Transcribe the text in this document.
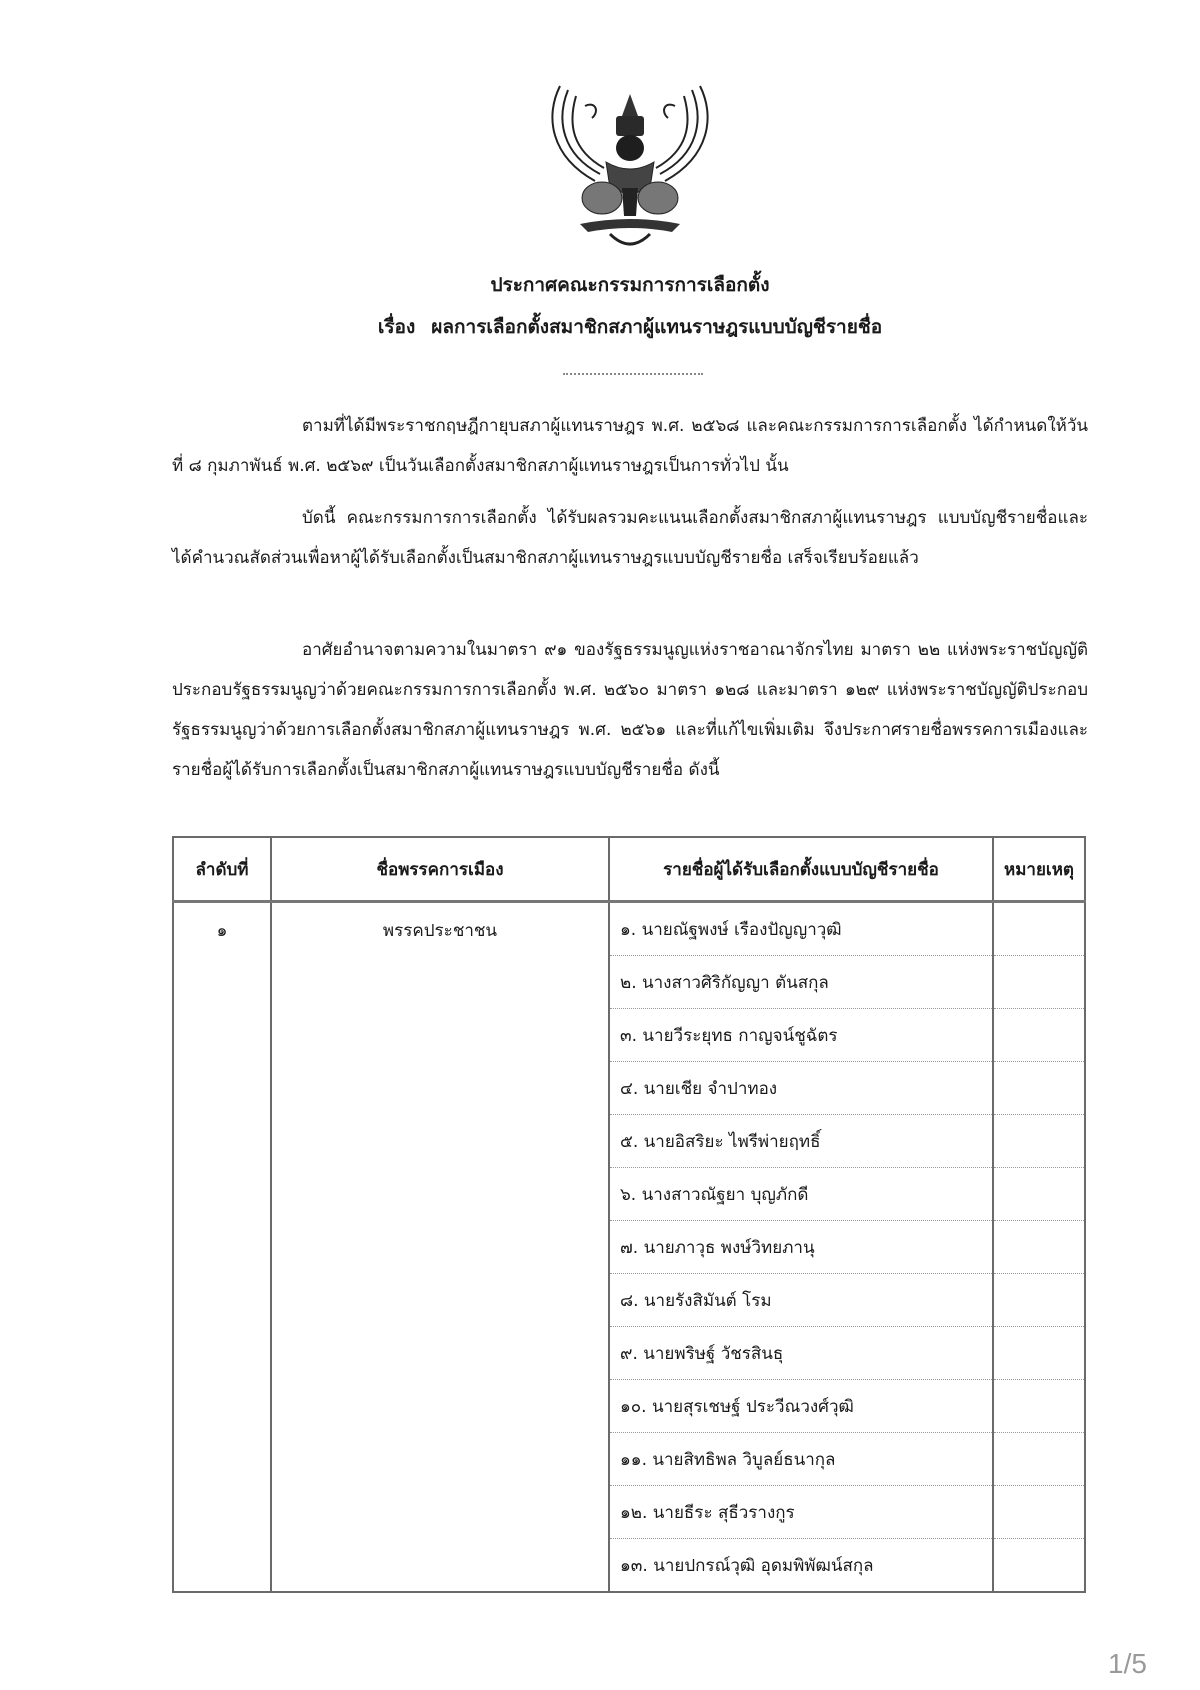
ประกาศคณะกรรมการการเลือกตั้ง
เรื่อง ผลการเลือกตั้งสมาชิกสภาผู้แทนราษฎรแบบบัญชีรายชื่อ
ตามที่ได้มีพระราชกฤษฎีกายุบสภาผู้แทนราษฎร พ.ศ. ๒๕๖๘ และคณะกรรมการการเลือกตั้ง ได้กำหนดให้วันที่ ๘ กุมภาพันธ์ พ.ศ. ๒๕๖๙ เป็นวันเลือกตั้งสมาชิกสภาผู้แทนราษฎรเป็นการทั่วไป นั้น
บัดนี้ คณะกรรมการการเลือกตั้ง ได้รับผลรวมคะแนนเลือกตั้งสมาชิกสภาผู้แทนราษฎร แบบบัญชีรายชื่อและได้คำนวณสัดส่วนเพื่อหาผู้ได้รับเลือกตั้งเป็นสมาชิกสภาผู้แทนราษฎรแบบบัญชีรายชื่อ เสร็จเรียบร้อยแล้ว
อาศัยอำนาจตามความในมาตรา ๙๑ ของรัฐธรรมนูญแห่งราชอาณาจักรไทย มาตรา ๒๒ แห่งพระราชบัญญัติประกอบรัฐธรรมนูญว่าด้วยคณะกรรมการการเลือกตั้ง พ.ศ. ๒๕๖๐ มาตรา ๑๒๘ และมาตรา ๑๒๙ แห่งพระราชบัญญัติประกอบรัฐธรรมนูญว่าด้วยการเลือกตั้งสมาชิกสภาผู้แทนราษฎร พ.ศ. ๒๕๖๑ และที่แก้ไขเพิ่มเติม จึงประกาศรายชื่อพรรคการเมืองและรายชื่อผู้ได้รับการเลือกตั้งเป็นสมาชิกสภาผู้แทนราษฎรแบบบัญชีรายชื่อ ดังนี้
ลำดับที่	ชื่อพรรคการเมือง	รายชื่อผู้ได้รับเลือกตั้งแบบบัญชีรายชื่อ	หมายเหตุ
๑	พรรคประชาชน	๑. นายณัฐพงษ์ เรืองปัญญาวุฒิ	
		๒. นางสาวศิริกัญญา ตันสกุล	
		๓. นายวีระยุทธ กาญจน์ชูฉัตร	
		๔. นายเชีย จำปาทอง	
		๕. นายอิสริยะ ไพรีพ่ายฤทธิ์	
		๖. นางสาวณัฐยา บุญภักดี	
		๗. นายภาวุธ พงษ์วิทยภานุ	
		๘. นายรังสิมันต์ โรม	
		๙. นายพริษฐ์ วัชรสินธุ	
		๑๐. นายสุรเชษฐ์ ประวีณวงศ์วุฒิ	
		๑๑. นายสิทธิพล วิบูลย์ธนากุล	
		๑๒. นายธีระ สุธีวรางกูร	
		๑๓. นายปกรณ์วุฒิ อุดมพิพัฒน์สกุล	
1/5
